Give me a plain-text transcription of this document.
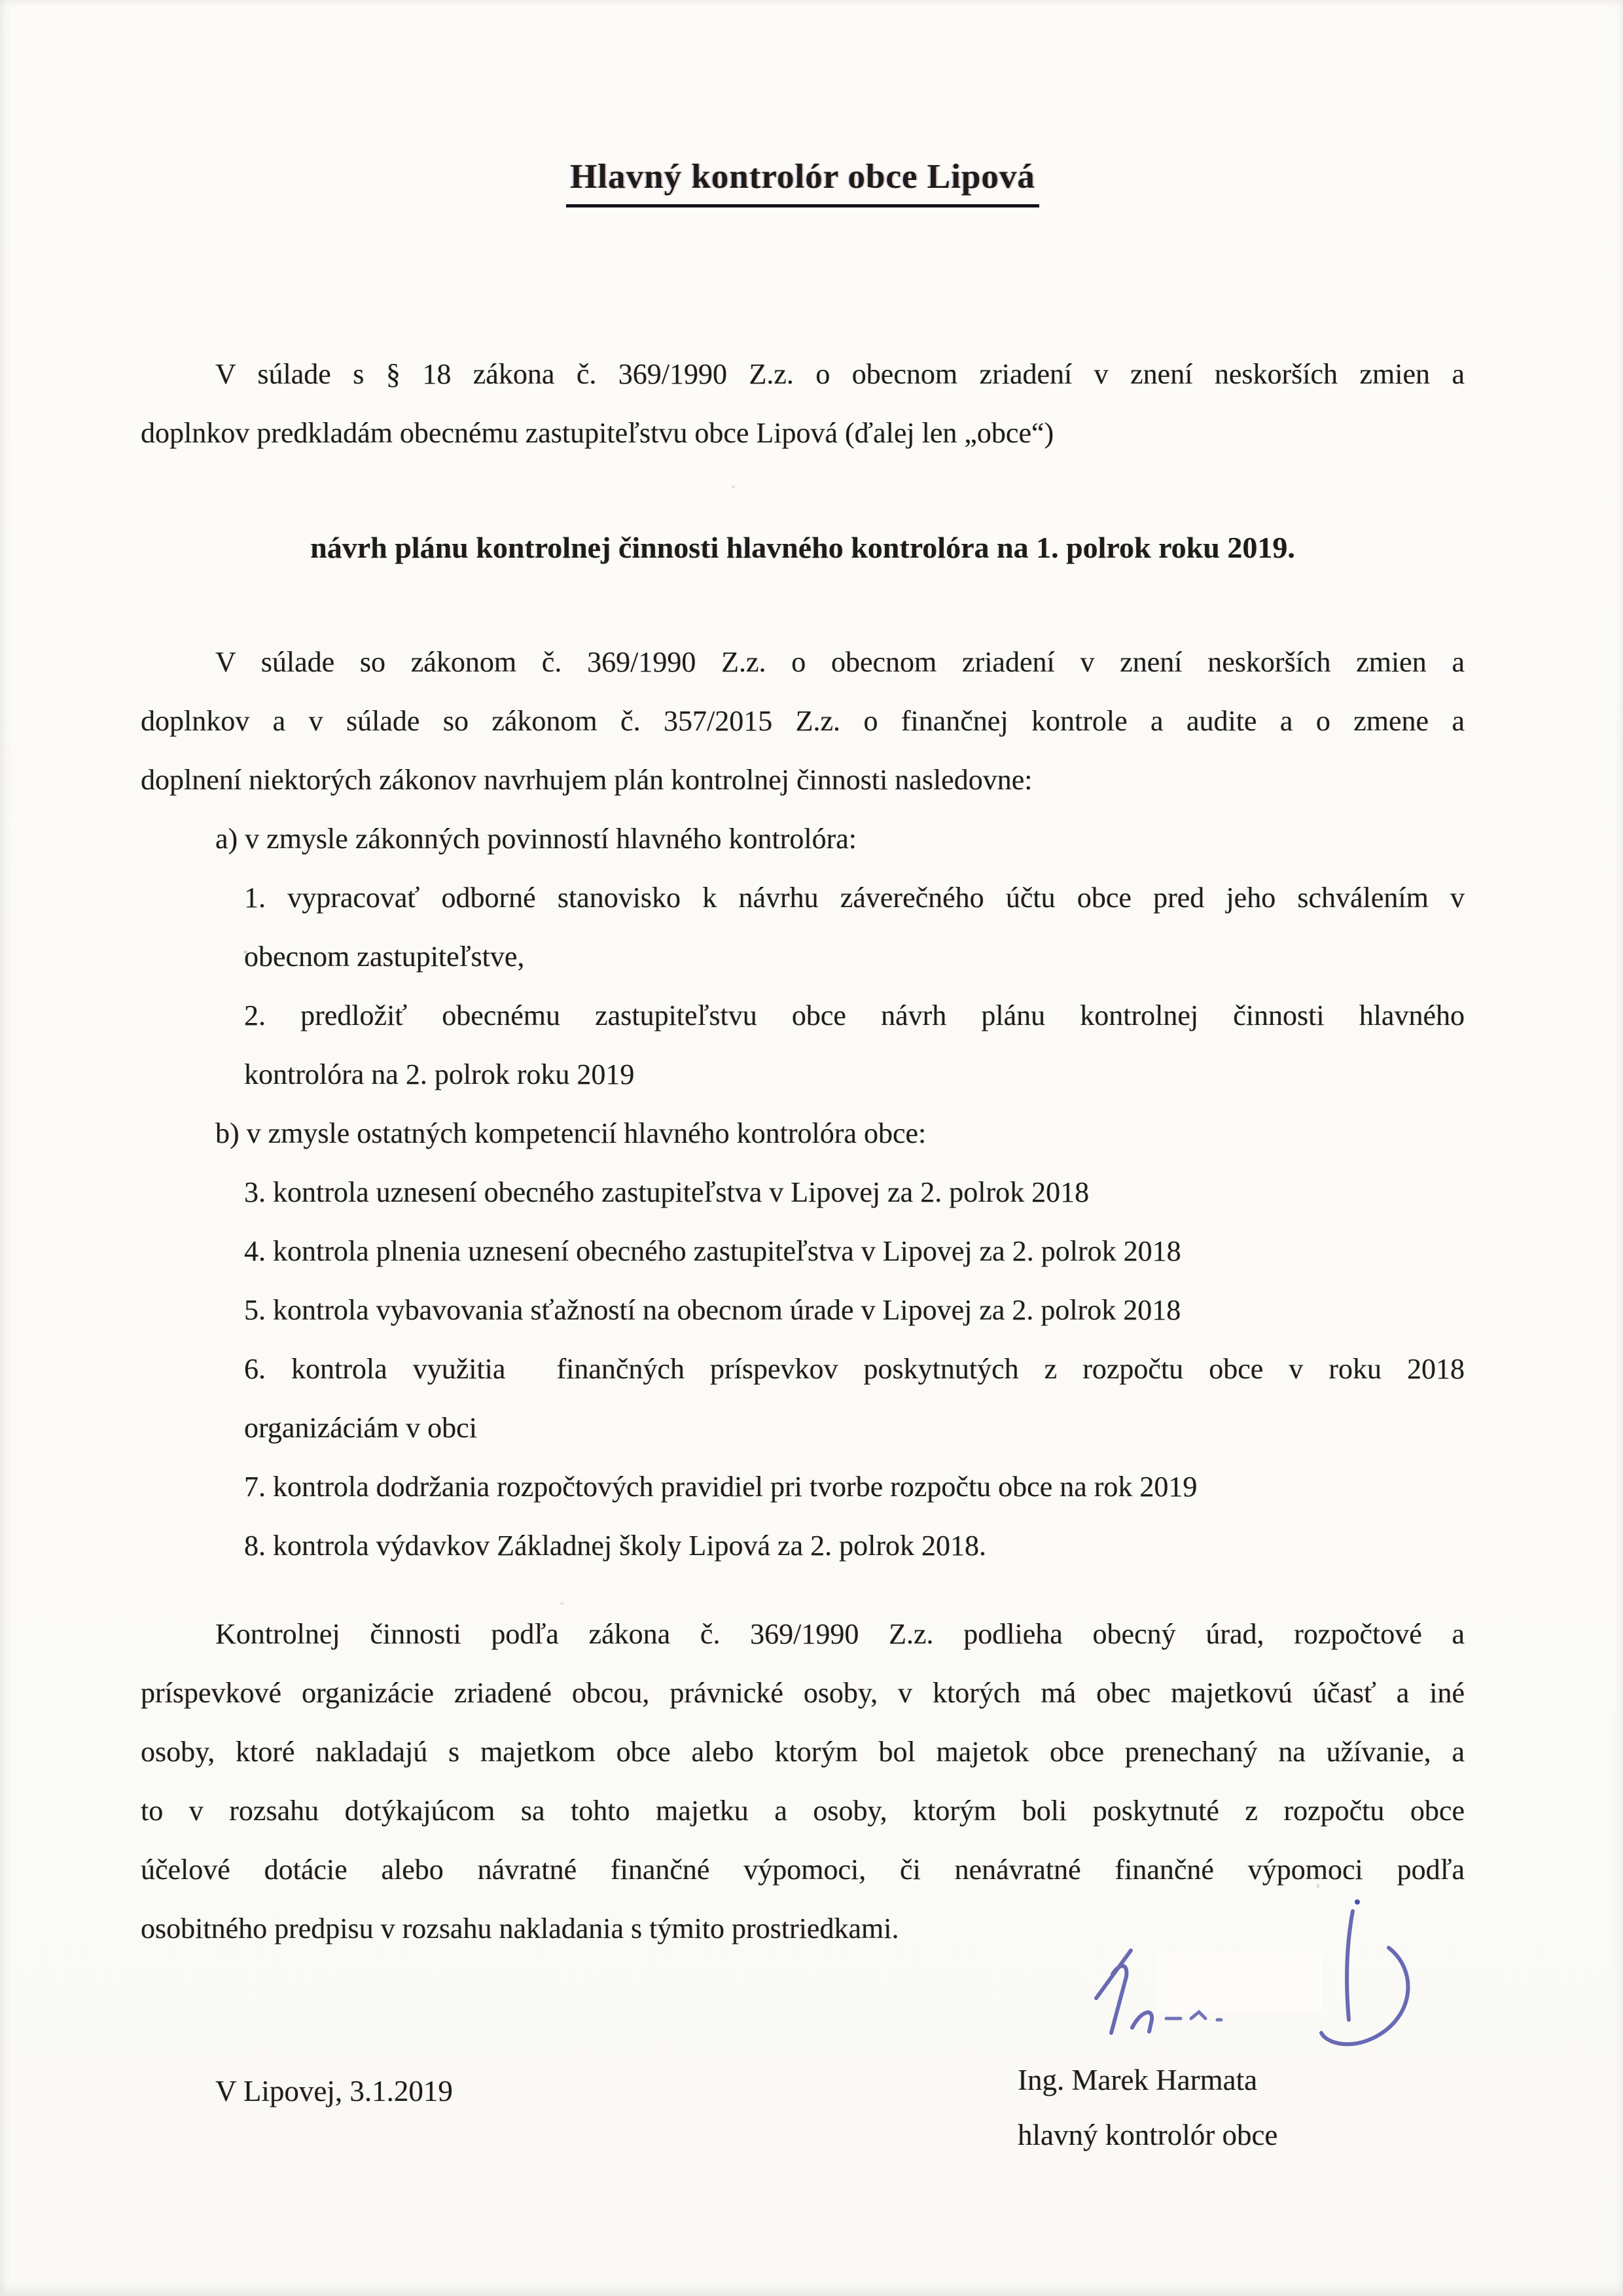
Hlavný kontrolór obce Lipová
V súlade s § 18 zákona č. 369/1990 Z.z. o obecnom zriadení v znení neskorších zmien a
doplnkov predkladám obecnému zastupiteľstvu obce Lipová (ďalej len „obce“)
návrh plánu kontrolnej činnosti hlavného kontrolóra na 1. polrok roku 2019.
V súlade so zákonom č. 369/1990 Z.z. o obecnom zriadení v znení neskorších zmien a
doplnkov a v súlade so zákonom č. 357/2015 Z.z. o finančnej kontrole a audite a o zmene a
doplnení niektorých zákonov navrhujem plán kontrolnej činnosti nasledovne:
a) v zmysle zákonných povinností hlavného kontrolóra:
1. vypracovať odborné stanovisko k návrhu záverečného účtu obce pred jeho schválením v
obecnom zastupiteľstve,
2. predložiť obecnému zastupiteľstvu obce návrh plánu kontrolnej činnosti hlavného
kontrolóra na 2. polrok roku 2019
b) v zmysle ostatných kompetencií hlavného kontrolóra obce:
3. kontrola uznesení obecného zastupiteľstva v Lipovej za 2. polrok 2018
4. kontrola plnenia uznesení obecného zastupiteľstva v Lipovej za 2. polrok 2018
5. kontrola vybavovania sťažností na obecnom úrade v Lipovej za 2. polrok 2018
6. kontrola využitia  finančných príspevkov poskytnutých z rozpočtu obce v roku 2018
organizáciám v obci
7. kontrola dodržania rozpočtových pravidiel pri tvorbe rozpočtu obce na rok 2019
8. kontrola výdavkov Základnej školy Lipová za 2. polrok 2018.
Kontrolnej činnosti podľa zákona č. 369/1990 Z.z. podlieha obecný úrad, rozpočtové a
príspevkové organizácie zriadené obcou, právnické osoby, v ktorých má obec majetkovú účasť a iné
osoby, ktoré nakladajú s majetkom obce alebo ktorým bol majetok obce prenechaný na užívanie, a
to v rozsahu dotýkajúcom sa tohto majetku a osoby, ktorým boli poskytnuté z rozpočtu obce
účelové dotácie alebo návratné finančné výpomoci, či nenávratné finančné výpomoci podľa
osobitného predpisu v rozsahu nakladania s týmito prostriedkami.
V Lipovej, 3.1.2019	Ing. Marek Harmata
hlavný kontrolór obce
